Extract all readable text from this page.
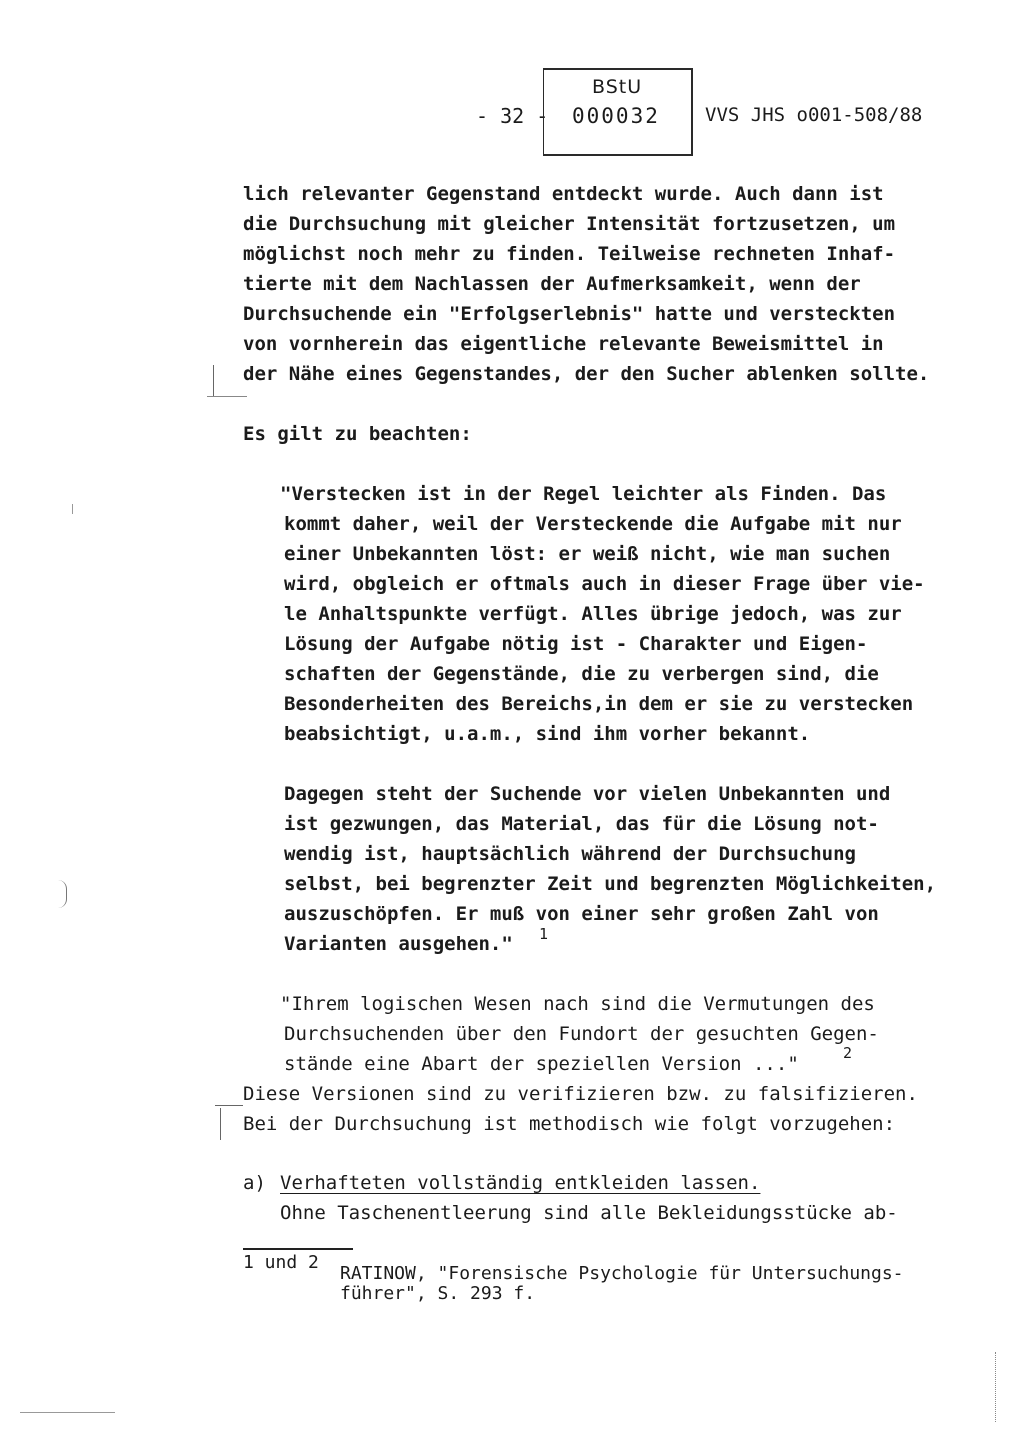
- 32 -
BStU
000032 VVS JHS o001-508/88
lich relevanter Gegenstand entdeckt wurde. Auch dann ist
die Durchsuchung mit gleicher Intensität fortzusetzen, um
möglichst noch mehr zu finden. Teilweise rechneten Inhaf-
tierte mit dem Nachlassen der Aufmerksamkeit, wenn der
Durchsuchende ein "Erfolgserlebnis" hatte und versteckten
von vornherein das eigentliche relevante Beweismittel in
der Nähe eines Gegenstandes, der den Sucher ablenken sollte.
Es gilt zu beachten:
"Verstecken ist in der Regel leichter als Finden. Das
kommt daher, weil der Versteckende die Aufgabe mit nur
einer Unbekannten löst: er weiß nicht, wie man suchen
wird, obgleich er oftmals auch in dieser Frage über vie-
le Anhaltspunkte verfügt. Alles übrige jedoch, was zur
Lösung der Aufgabe nötig ist - Charakter und Eigen-
schaften der Gegenstände, die zu verbergen sind, die
Besonderheiten des Bereichs,in dem er sie zu verstecken
beabsichtigt, u.a.m., sind ihm vorher bekannt.
Dagegen steht der Suchende vor vielen Unbekannten und
ist gezwungen, das Material, das für die Lösung not-
wendig ist, hauptsächlich während der Durchsuchung
selbst, bei begrenzter Zeit und begrenzten Möglichkeiten,
auszuschöpfen. Er muß von einer sehr großen Zahl von
Varianten ausgehen." 1
"Ihrem logischen Wesen nach sind die Vermutungen des
Durchsuchenden über den Fundort der gesuchten Gegen-
stände eine Abart der speziellen Version ..."	2
Diese Versionen sind zu verifizieren bzw. zu falsifizieren.
Bei der Durchsuchung ist methodisch wie folgt vorzugehen:
a) Verhafteten vollständig entkleiden lassen.
Ohne Taschenentleerung sind alle Bekleidungsstücke ab-
1 und 2
RATINOW, "Forensische Psychologie für Untersuchungs-
führer", S. 293 f.
